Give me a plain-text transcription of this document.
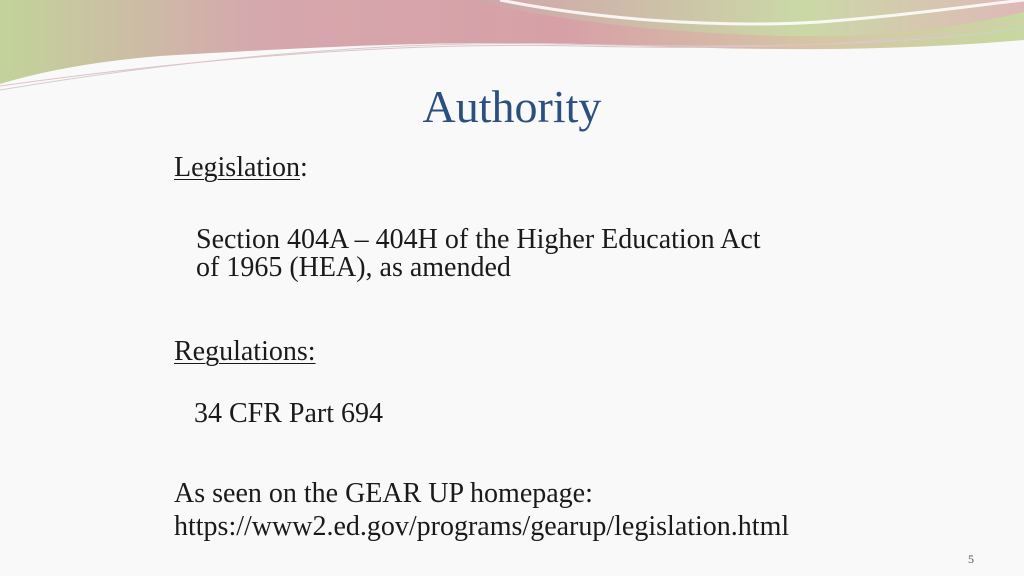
Authority
Legislation:
Section 404A – 404H of the Higher Education Act
of 1965 (HEA), as amended
Regulations:
34 CFR Part 694
As seen on the GEAR UP homepage:
https://www2.ed.gov/programs/gearup/legislation.html
5
